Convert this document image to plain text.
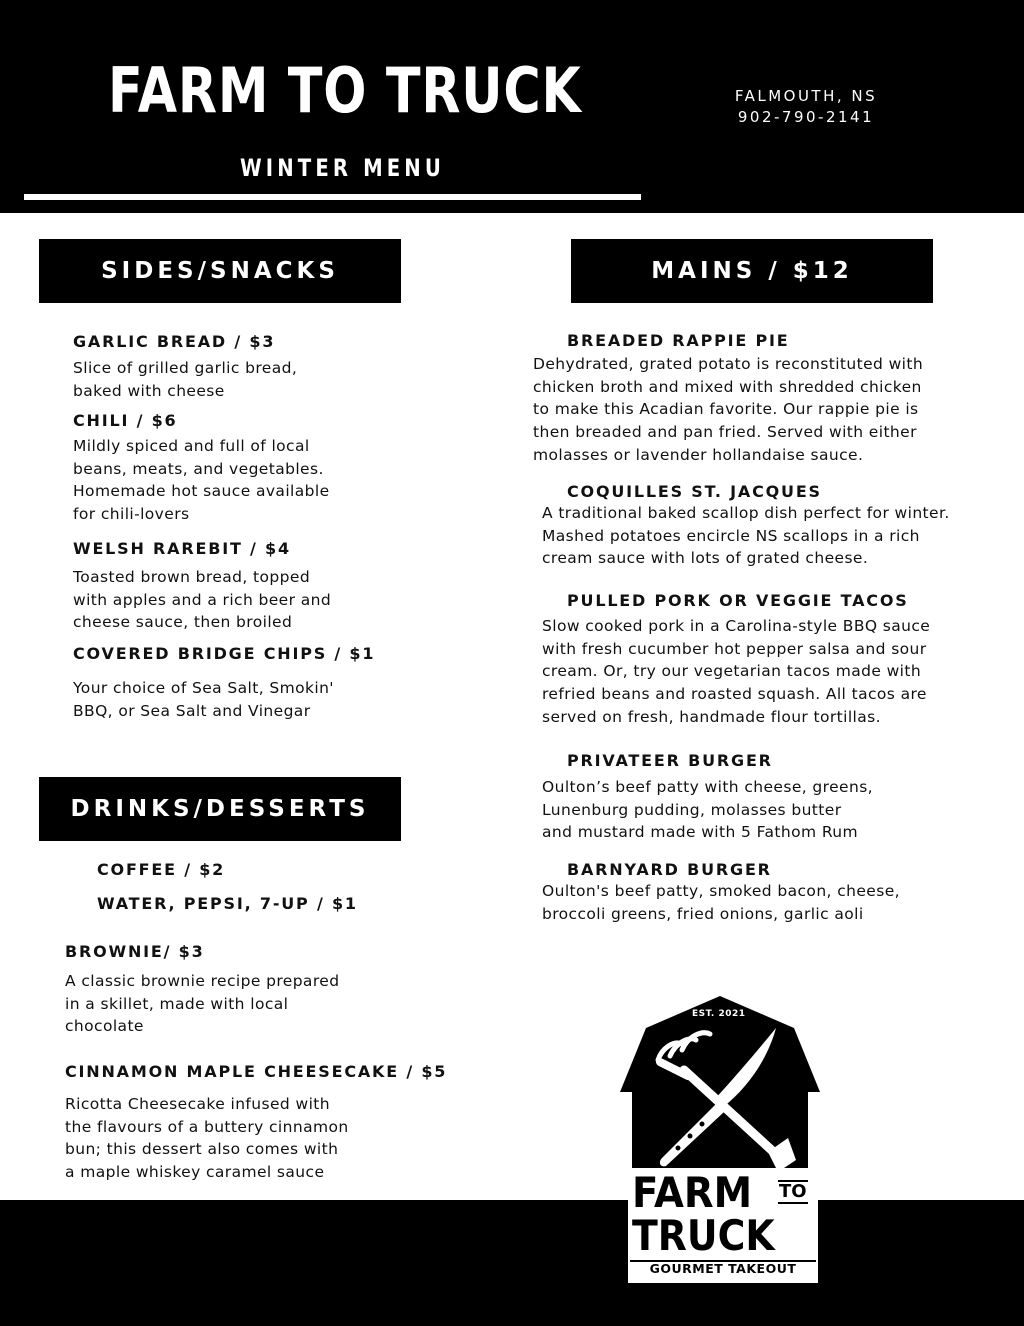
FARM TO TRUCK
WINTER MENU
FALMOUTH, NS
902-790-2141
SIDES/SNACKS
GARLIC BREAD / $3
Slice of grilled garlic bread,
baked with cheese
CHILI / $6
Mildly spiced and full of local
beans, meats, and vegetables.
Homemade hot sauce available
for chili-lovers
WELSH RAREBIT / $4
Toasted brown bread, topped
with apples and a rich beer and
cheese sauce, then broiled
COVERED BRIDGE CHIPS / $1
Your choice of Sea Salt, Smokin'
BBQ, or Sea Salt and Vinegar
DRINKS/DESSERTS
COFFEE / $2
WATER, PEPSI, 7-UP / $1
BROWNIE/ $3
A classic brownie recipe prepared
in a skillet, made with local
chocolate
CINNAMON MAPLE CHEESECAKE / $5
Ricotta Cheesecake infused with
the flavours of a buttery cinnamon
bun; this dessert also comes with
a maple whiskey caramel sauce
MAINS / $12
BREADED RAPPIE PIE
Dehydrated, grated potato is reconstituted with
chicken broth and mixed with shredded chicken
to make this Acadian favorite. Our rappie pie is
then breaded and pan fried. Served with either
molasses or lavender hollandaise sauce.
COQUILLES ST. JACQUES
A traditional baked scallop dish perfect for winter.
Mashed potatoes encircle NS scallops in a rich
cream sauce with lots of grated cheese.
PULLED PORK OR VEGGIE TACOS
Slow cooked pork in a Carolina-style BBQ sauce
with fresh cucumber hot pepper salsa and sour
cream. Or, try our vegetarian tacos made with
refried beans and roasted squash. All tacos are
served on fresh, handmade flour tortillas.
PRIVATEER BURGER
Oulton’s beef patty with cheese, greens,
Lunenburg pudding, molasses butter
and mustard made with 5 Fathom Rum
BARNYARD BURGER
Oulton's beef patty, smoked bacon, cheese,
broccoli greens, fried onions, garlic aoli
EST. 2021
FARM TO
TRUCK
GOURMET TAKEOUT
